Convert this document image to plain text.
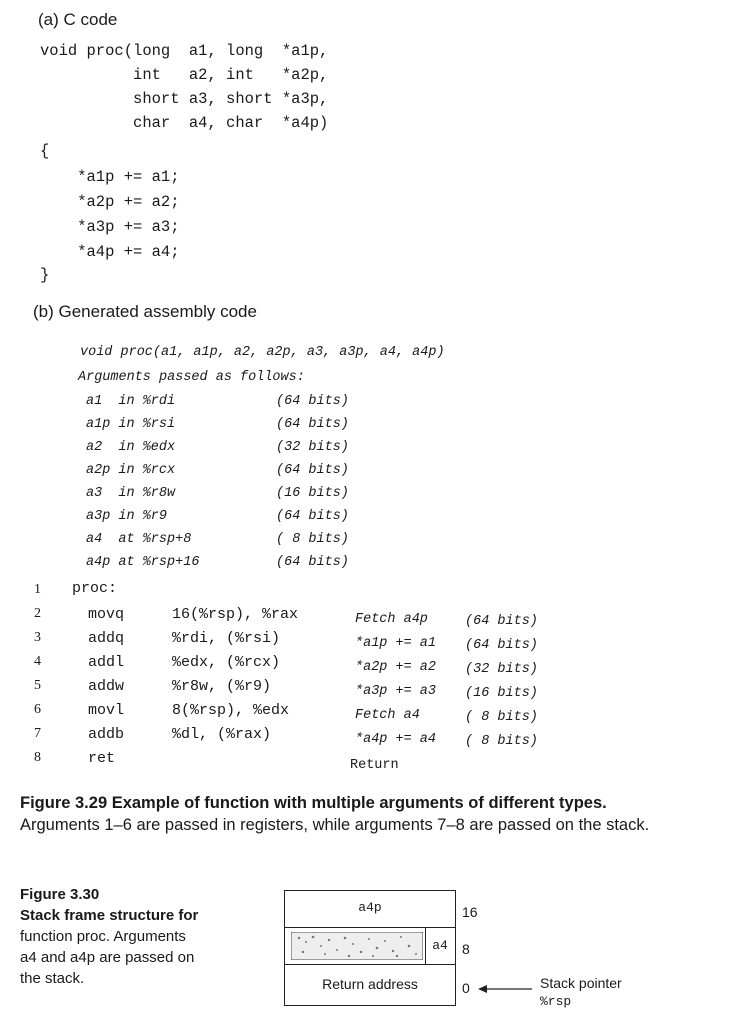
(a) C code
void proc(long  a1, long  *a1p,
int   a2, int   *a2p,
short a3, short *a3p,
char  a4, char  *a4p)
{
*a1p += a1;
*a2p += a2;
*a3p += a3;
*a4p += a4;
}
(b) Generated assembly code
void proc(a1, a1p, a2, a2p, a3, a3p, a4, a4p)
Arguments passed as follows:
a1  in %rdi	(64 bits)
a1p in %rsi	(64 bits)
a2  in %edx	(32 bits)
a2p in %rcx	(64 bits)
a3  in %r8w	(16 bits)
a3p in %r9	(64 bits)
a4  at %rsp+8	( 8 bits)
a4p at %rsp+16	(64 bits)
1 proc:
2	movq	16(%rsp), %rax	Fetch a4p	(64 bits)
3	addq	%rdi, (%rsi)	*a1p += a1 (64 bits)
4	addl	%edx, (%rcx)	*a2p += a2 (32 bits)
5	addw	%r8w, (%r9)	*a3p += a3 (16 bits)
6	movl	8(%rsp), %edx	Fetch a4	( 8 bits)
7	addb	%dl, (%rax)	*a4p += a4 ( 8 bits)
8	ret	Return
Figure 3.29 Example of function with multiple arguments of different types.
Arguments 1–6 are passed in registers, while arguments 7–8 are passed on the stack.
Figure 3.30
Stack frame structure for
function proc. Arguments
a4 and a4p are passed on
the stack.
a4p
a4
Return address
16
8
0	Stack pointer
%rsp
